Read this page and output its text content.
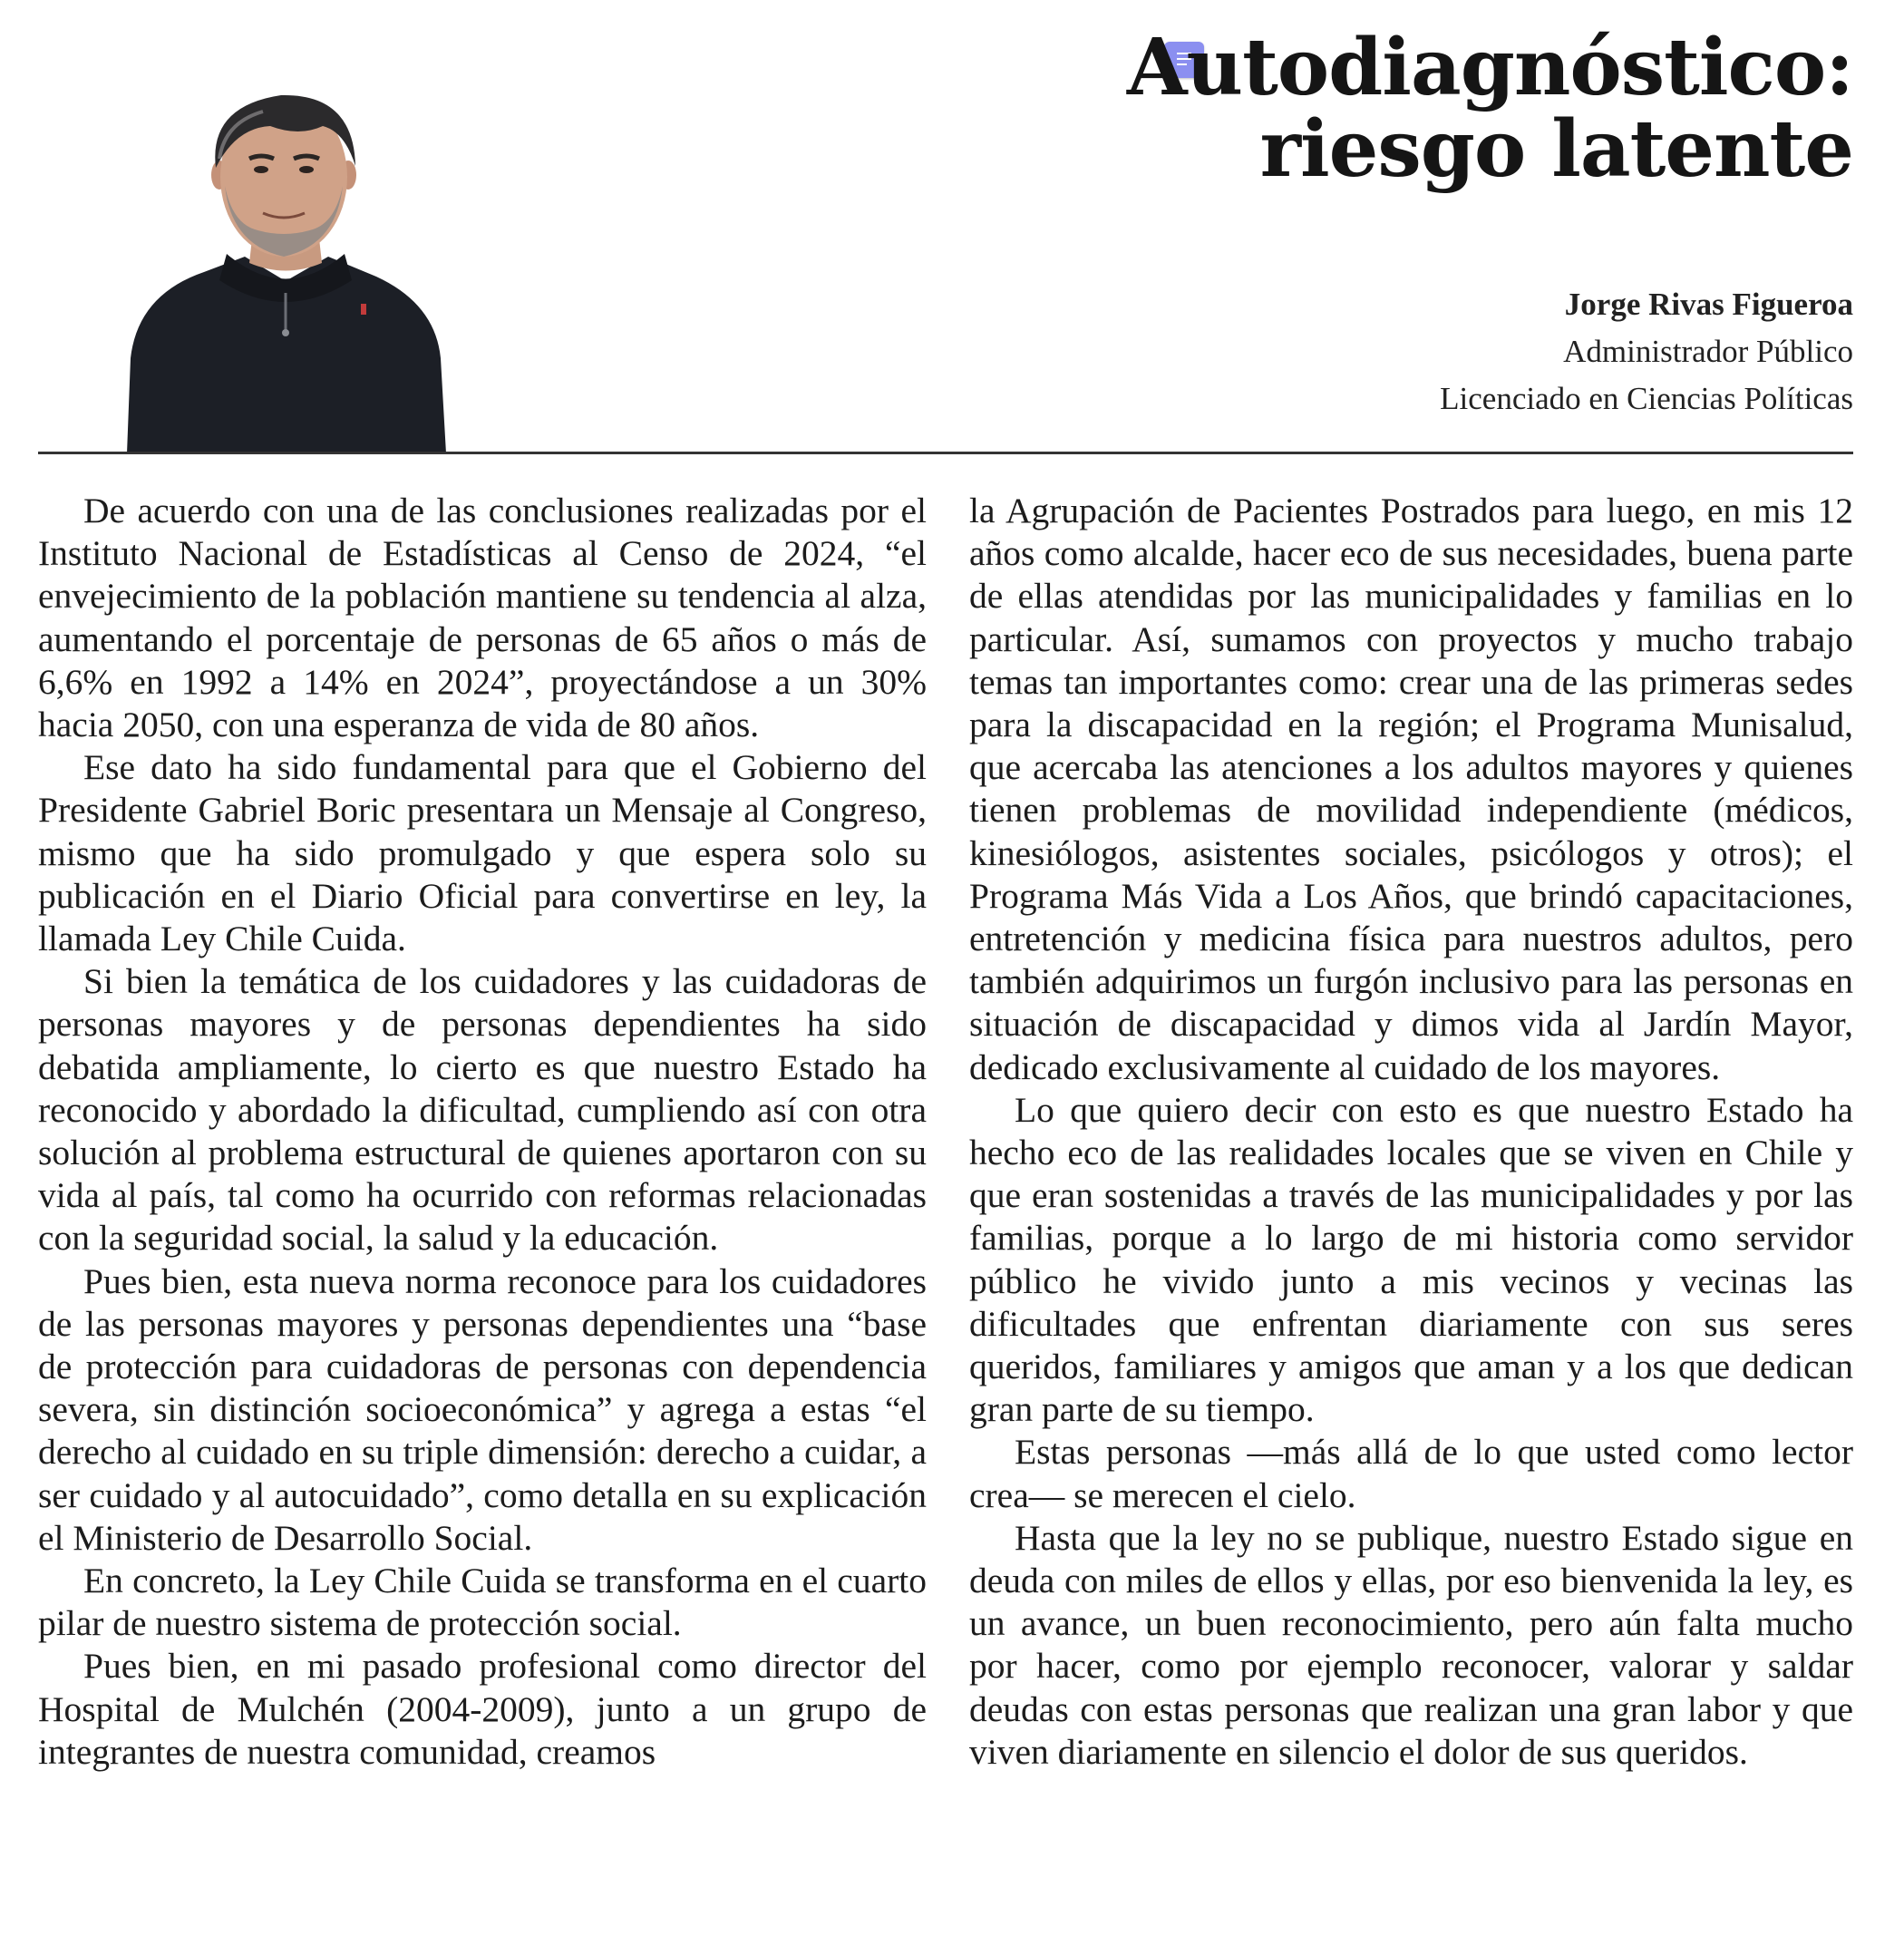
Autodiagnóstico:
riesgo latente
Jorge Rivas Figueroa
Administrador Público
Licenciado en Ciencias Políticas

De acuerdo con una de las conclusiones realizadas por el Instituto Nacional de Estadísticas al Censo de 2024, “el envejecimiento de la población mantiene su tendencia al alza, aumentando el porcentaje de personas de 65 años o más de 6,6% en 1992 a 14% en 2024”, proyectándose a un 30% hacia 2050, con una esperanza de vida de 80 años.

Ese dato ha sido fundamental para que el Gobierno del Presidente Gabriel Boric presentara un Mensaje al Congreso, mismo que ha sido promulgado y que espera solo su publicación en el Diario Oficial para convertirse en ley, la llamada Ley Chile Cuida.

Si bien la temática de los cuidadores y las cuidadoras de personas mayores y de personas dependientes ha sido debatida ampliamente, lo cierto es que nuestro Estado ha reconocido y abordado la dificultad, cumpliendo así con otra solución al problema estructural de quienes aportaron con su vida al país, tal como ha ocurrido con reformas relacionadas con la seguridad social, la salud y la educación.

Pues bien, esta nueva norma reconoce para los cuidadores de las personas mayores y personas dependientes una “base de protección para cuidadoras de personas con dependencia severa, sin distinción socioeconómica” y agrega a estas “el derecho al cuidado en su triple dimensión: derecho a cuidar, a ser cuidado y al autocuidado”, como detalla en su explicación el Ministerio de Desarrollo Social.

En concreto, la Ley Chile Cuida se transforma en el cuarto pilar de nuestro sistema de protección social.

Pues bien, en mi pasado profesional como director del Hospital de Mulchén (2004-2009), junto a un grupo de integrantes de nuestra comunidad, creamos

la Agrupación de Pacientes Postrados para luego, en mis 12 años como alcalde, hacer eco de sus necesidades, buena parte de ellas atendidas por las municipalidades y familias en lo particular. Así, sumamos con proyectos y mucho trabajo temas tan importantes como: crear una de las primeras sedes para la discapacidad en la región; el Programa Munisalud, que acercaba las atenciones a los adultos mayores y quienes tienen problemas de movilidad independiente (médicos, kinesiólogos, asistentes sociales, psicólogos y otros); el Programa Más Vida a Los Años, que brindó capacitaciones, entretención y medicina física para nuestros adultos, pero también adquirimos un furgón inclusivo para las personas en situación de discapacidad y dimos vida al Jardín Mayor, dedicado exclusivamente al cuidado de los mayores.

Lo que quiero decir con esto es que nuestro Estado ha hecho eco de las realidades locales que se viven en Chile y que eran sostenidas a través de las municipalidades y por las familias, porque a lo largo de mi historia como servidor público he vivido junto a mis vecinos y vecinas las dificultades que enfrentan diariamente con sus seres queridos, familiares y amigos que aman y a los que dedican gran parte de su tiempo.

Estas personas —más allá de lo que usted como lector crea— se merecen el cielo.

Hasta que la ley no se publique, nuestro Estado sigue en deuda con miles de ellos y ellas, por eso bienvenida la ley, es un avance, un buen reconocimiento, pero aún falta mucho por hacer, como por ejemplo reconocer, valorar y saldar deudas con estas personas que realizan una gran labor y que viven diariamente en silencio el dolor de sus queridos.
